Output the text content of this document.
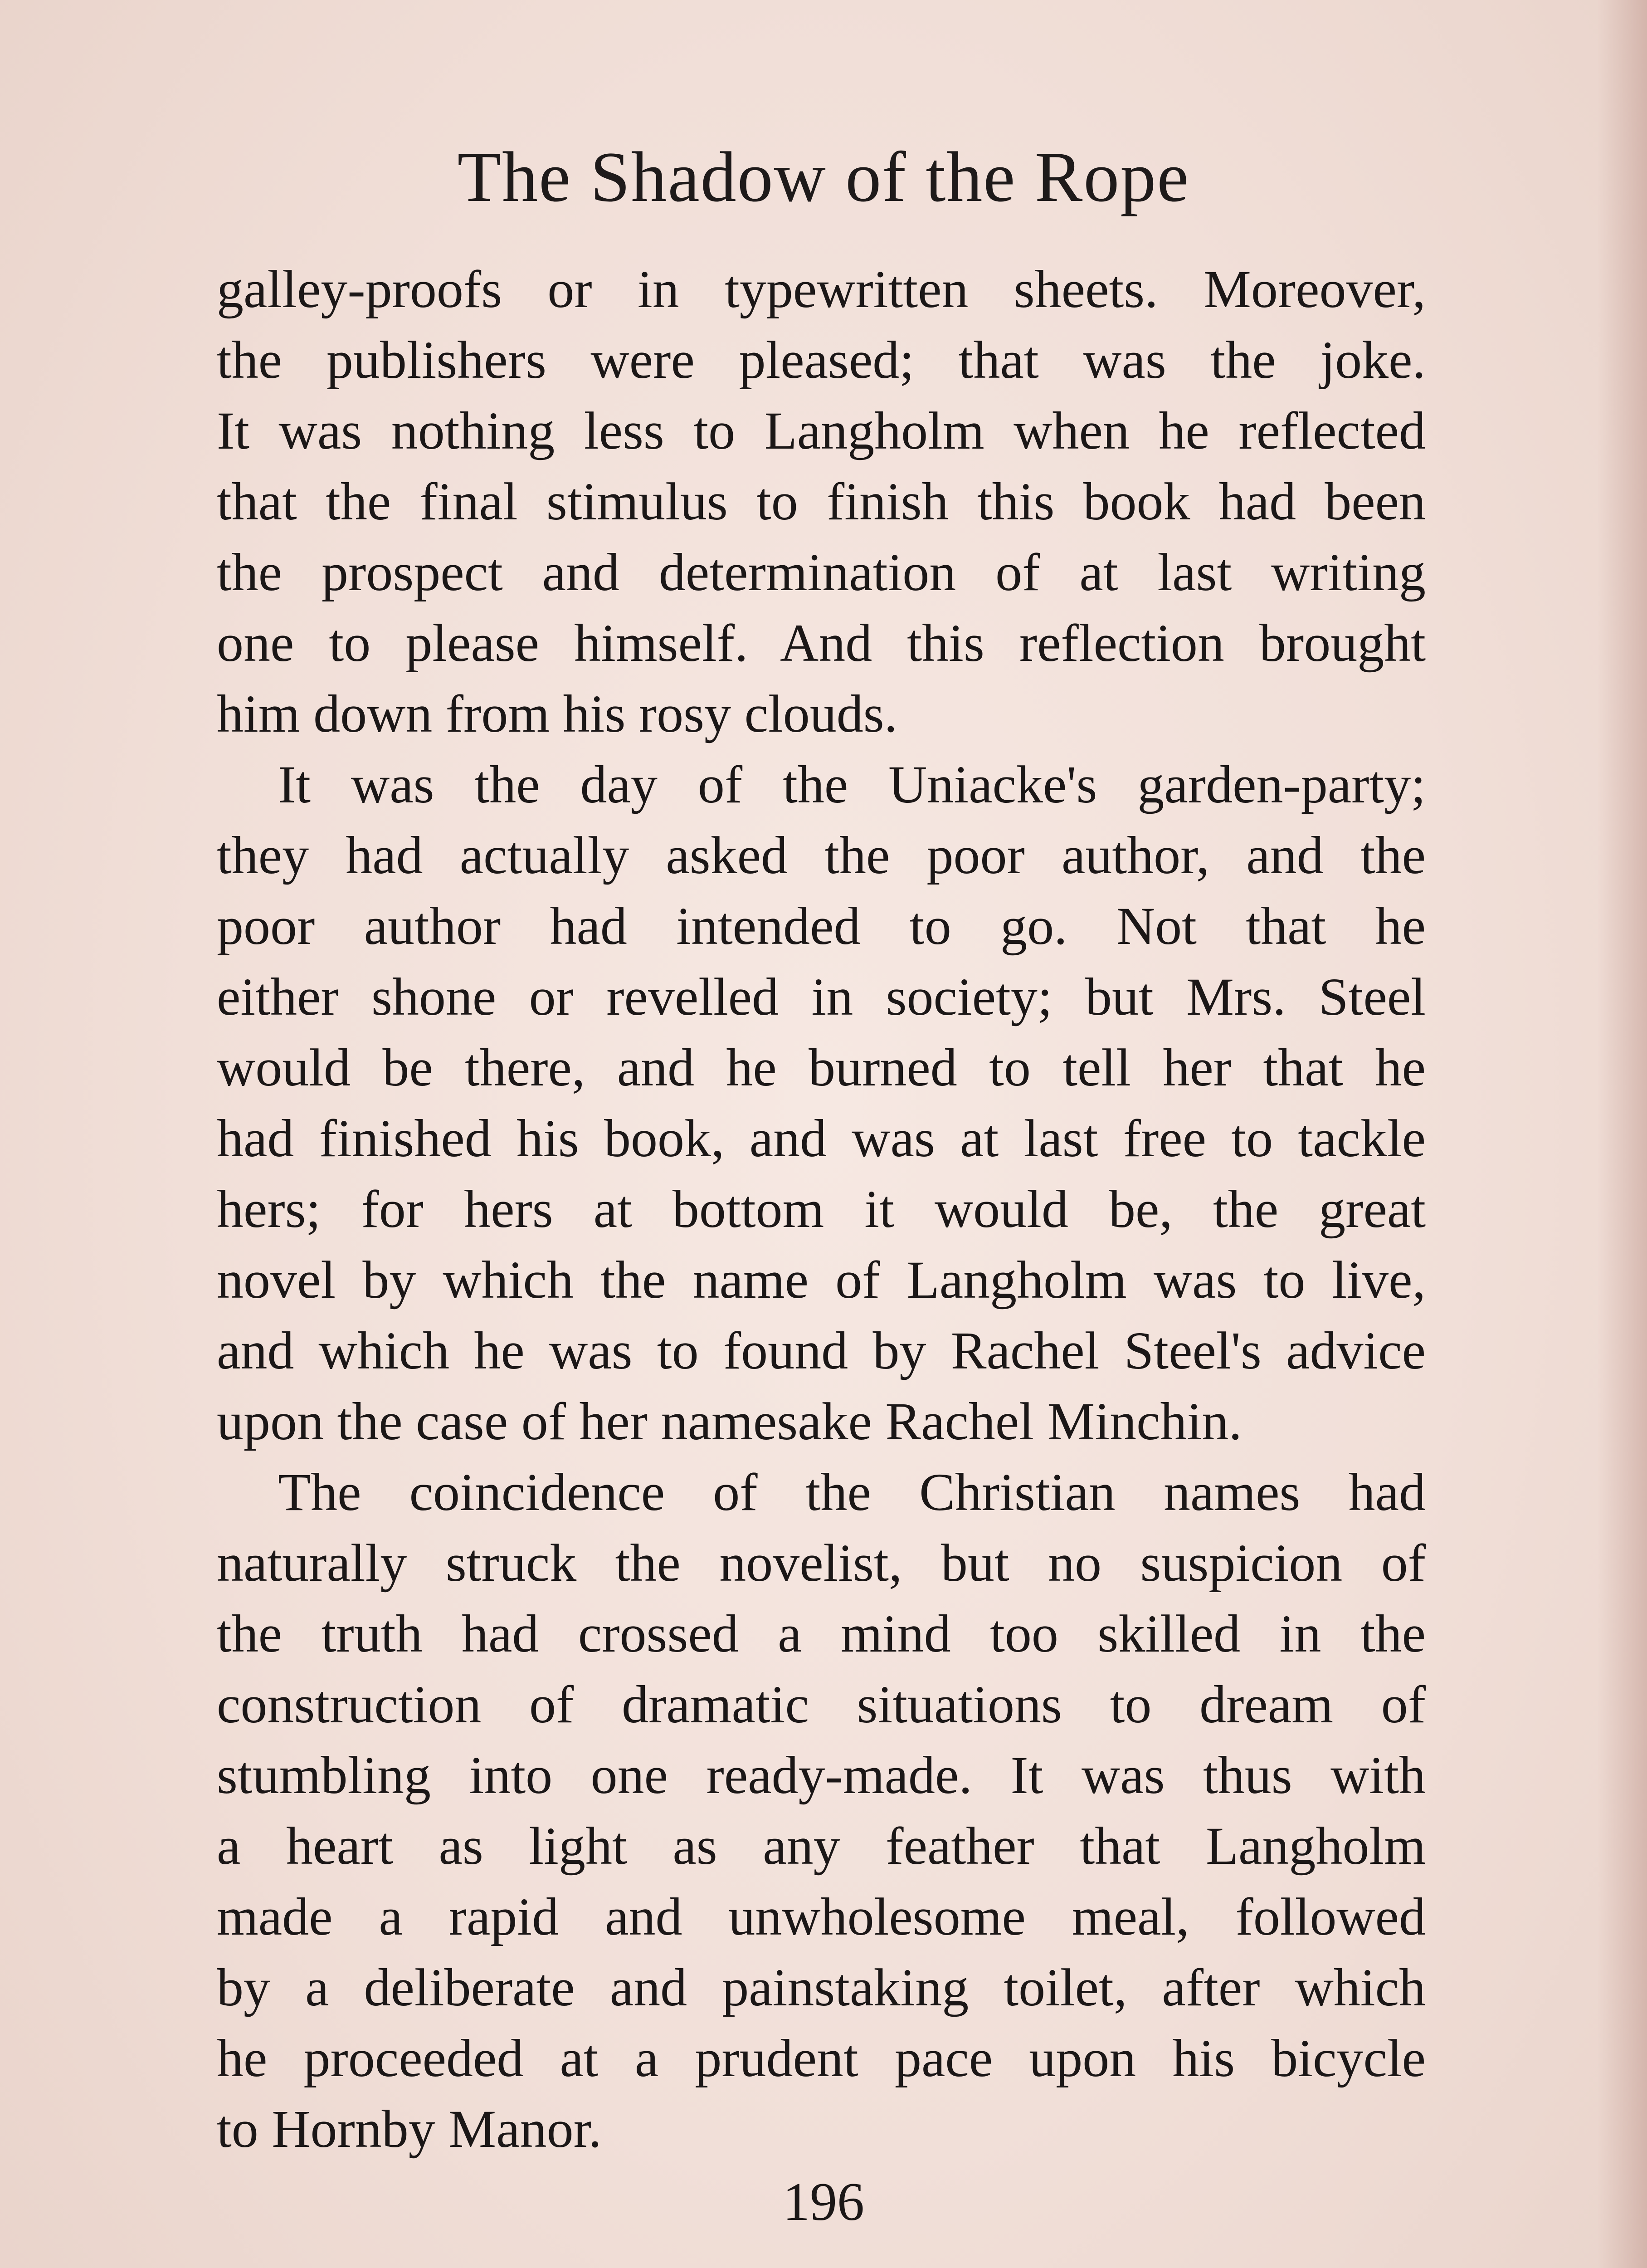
The Shadow of the Rope
galley-proofs or in typewritten sheets. Moreover,
the publishers were pleased; that was the joke.
It was nothing less to Langholm when he reflected
that the final stimulus to finish this book had been
the prospect and determination of at last writing
one to please himself. And this reflection brought
him down from his rosy clouds.
It was the day of the Uniacke's garden-party;
they had actually asked the poor author, and the
poor author had intended to go. Not that he
either shone or revelled in society; but Mrs. Steel
would be there, and he burned to tell her that he
had finished his book, and was at last free to tackle
hers; for hers at bottom it would be, the great
novel by which the name of Langholm was to live,
and which he was to found by Rachel Steel's advice
upon the case of her namesake Rachel Minchin.
The coincidence of the Christian names had
naturally struck the novelist, but no suspicion of
the truth had crossed a mind too skilled in the
construction of dramatic situations to dream of
stumbling into one ready-made. It was thus with
a heart as light as any feather that Langholm
made a rapid and unwholesome meal, followed
by a deliberate and painstaking toilet, after which
he proceeded at a prudent pace upon his bicycle
to Hornby Manor.
196
